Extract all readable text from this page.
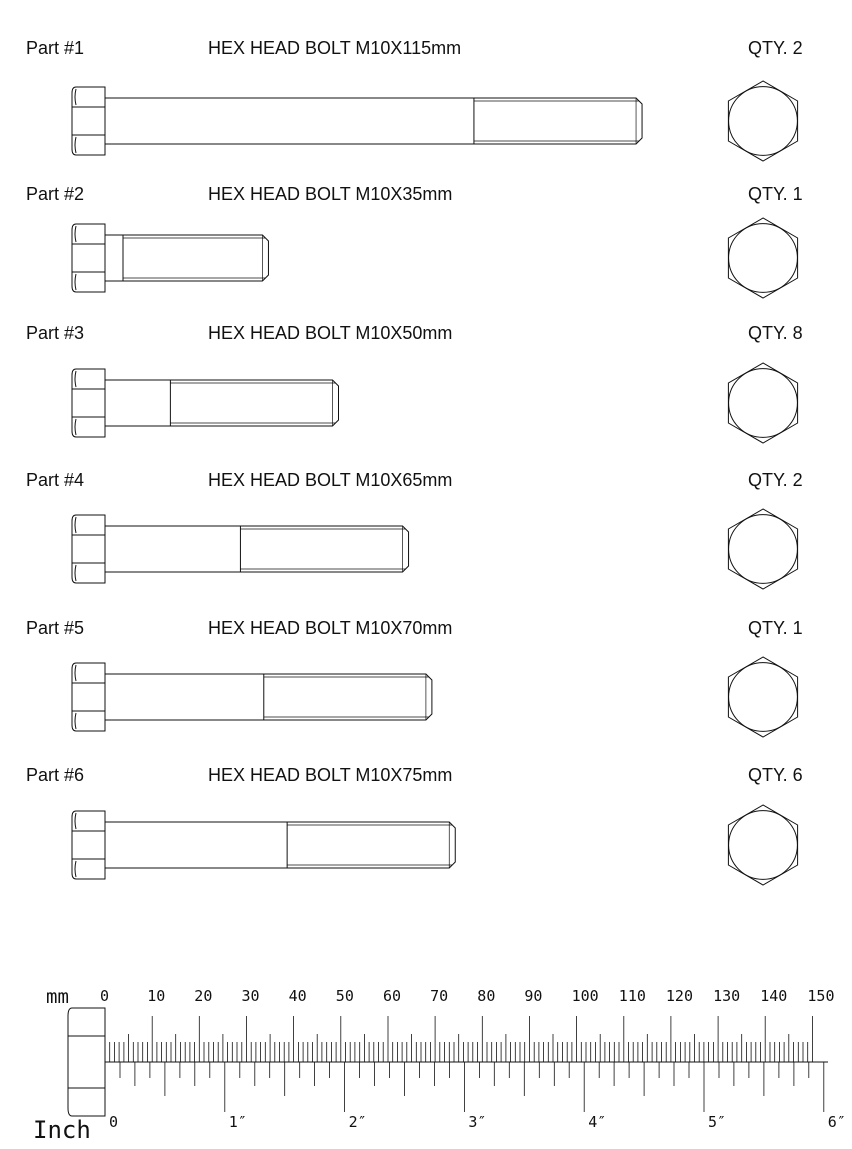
Part #1	HEX HEAD BOLT M10X115mm	QTY. 2
Part #2	HEX HEAD BOLT M10X35mm	QTY. 1
Part #3	HEX HEAD BOLT M10X50mm	QTY. 8
Part #4	HEX HEAD BOLT M10X65mm	QTY. 2
Part #5	HEX HEAD BOLT M10X70mm	QTY. 1
Part #6	HEX HEAD BOLT M10X75mm	QTY. 6
mm
Inch
0	10 20 30 40 50 60 70 80 90 100 110 120 130 140 150
0	1″	2″	3″	4″	5″	6″
